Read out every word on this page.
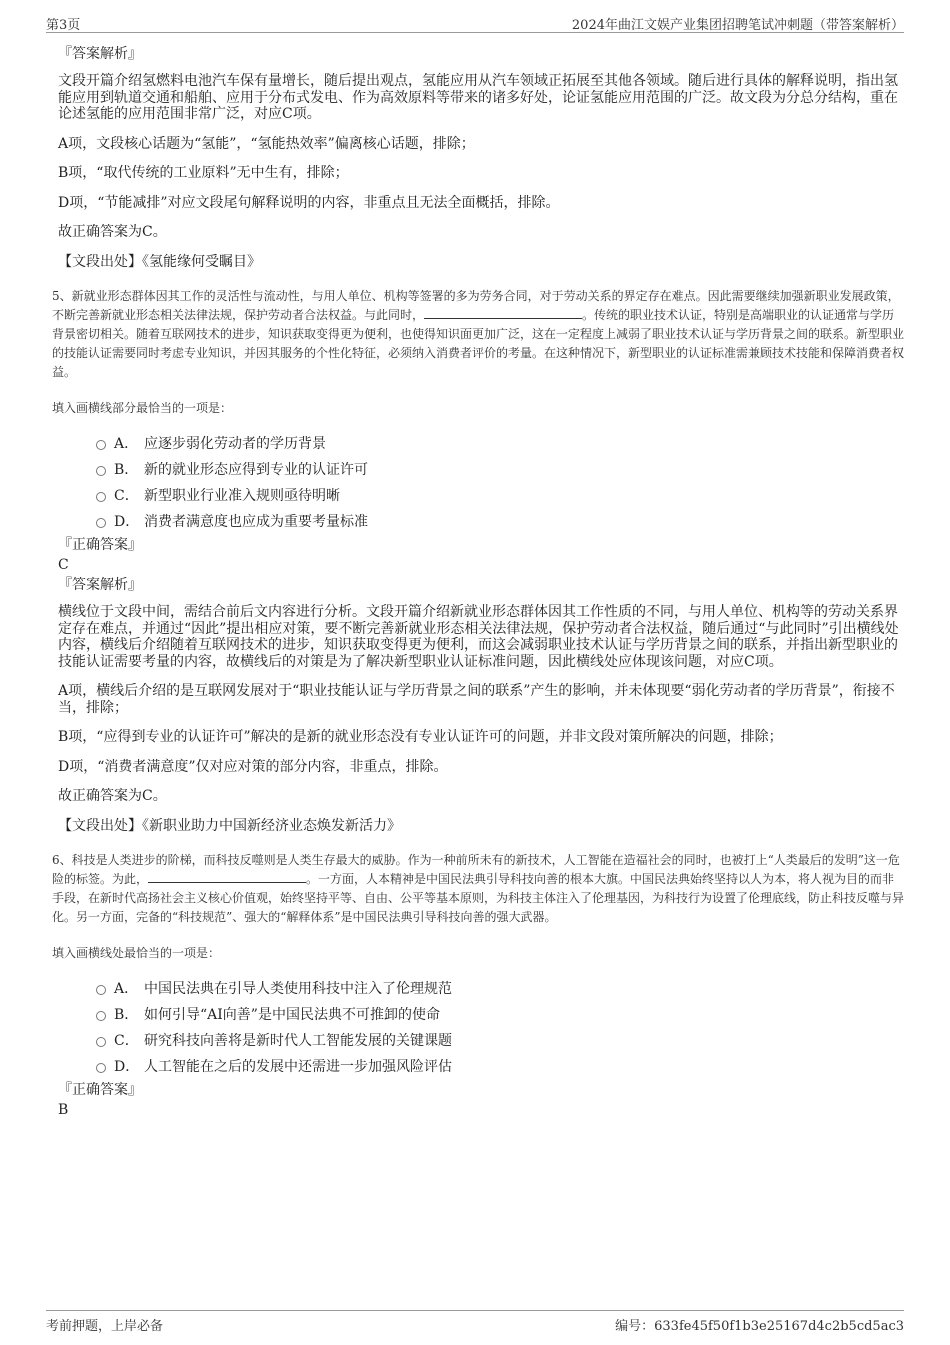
第3页	2024年曲江文娱产业集团招聘笔试冲刺题（带答案解析）
『答案解析』
文段开篇介绍氢燃料电池汽车保有量增长，随后提出观点，氢能应用从汽车领域正拓展至其他各领域。随后进行具体的解释说明，指出氢能应用到轨道交通和船舶、应用于分布式发电、作为高效原料等带来的诸多好处，论证氢能应用范围的广泛。故文段为分总分结构，重在论述氢能的应用范围非常广泛，对应C项。
A项，文段核心话题为“氢能”，“氢能热效率”偏离核心话题，排除；
B项，“取代传统的工业原料”无中生有，排除；
D项，“节能减排”对应文段尾句解释说明的内容，非重点且无法全面概括，排除。
故正确答案为C。
【文段出处】《氢能缘何受瞩目》
5、新就业形态群体因其工作的灵活性与流动性，与用人单位、机构等签署的多为劳务合同，对于劳动关系的界定存在难点。因此需要继续加强新职业发展政策，不断完善新就业形态相关法律法规，保护劳动者合法权益。与此同时，	。传统的职业技术认证，特别是高端职业的认证通常与学历背景密切相关。随着互联网技术的进步，知识获取变得更为便利，也使得知识面更加广泛，这在一定程度上减弱了职业技术认证与学历背景之间的联系。新型职业的技能认证需要同时考虑专业知识，并因其服务的个性化特征，必须纳入消费者评价的考量。在这种情况下，新型职业的认证标准需兼顾技术技能和保障消费者权益。
填入画横线部分最恰当的一项是：
A． 应逐步弱化劳动者的学历背景
B． 新的就业形态应得到专业的认证许可
C． 新型职业行业准入规则亟待明晰
D． 消费者满意度也应成为重要考量标准
『正确答案』
C
『答案解析』
横线位于文段中间，需结合前后文内容进行分析。文段开篇介绍新就业形态群体因其工作性质的不同，与用人单位、机构等的劳动关系界定存在难点，并通过“因此”提出相应对策，要不断完善新就业形态相关法律法规，保护劳动者合法权益，随后通过“与此同时”引出横线处内容，横线后介绍随着互联网技术的进步，知识获取变得更为便利，而这会减弱职业技术认证与学历背景之间的联系，并指出新型职业的技能认证需要考量的内容，故横线后的对策是为了解决新型职业认证标准问题，因此横线处应体现该问题，对应C项。
A项，横线后介绍的是互联网发展对于“职业技能认证与学历背景之间的联系”产生的影响，并未体现要“弱化劳动者的学历背景”，衔接不当，排除；
B项，“应得到专业的认证许可”解决的是新的就业形态没有专业认证许可的问题，并非文段对策所解决的问题，排除；
D项，“消费者满意度”仅对应对策的部分内容，非重点，排除。
故正确答案为C。
【文段出处】《新职业助力中国新经济业态焕发新活力》
6、科技是人类进步的阶梯，而科技反噬则是人类生存最大的威胁。作为一种前所未有的新技术，人工智能在造福社会的同时，也被打上“人类最后的发明”这一危险的标签。为此，	。一方面，人本精神是中国民法典引导科技向善的根本大旗。中国民法典始终坚持以人为本，将人视为目的而非手段，在新时代高扬社会主义核心价值观，始终坚持平等、自由、公平等基本原则，为科技主体注入了伦理基因，为科技行为设置了伦理底线，防止科技反噬与异化。另一方面，完备的“科技规范”、强大的“解释体系”是中国民法典引导科技向善的强大武器。
填入画横线处最恰当的一项是：
A． 中国民法典在引导人类使用科技中注入了伦理规范
B． 如何引导“AI向善”是中国民法典不可推卸的使命
C． 研究科技向善将是新时代人工智能发展的关键课题
D． 人工智能在之后的发展中还需进一步加强风险评估
『正确答案』
B
考前押题，上岸必备	编号：633fe45f50f1b3e25167d4c2b5cd5ac3
